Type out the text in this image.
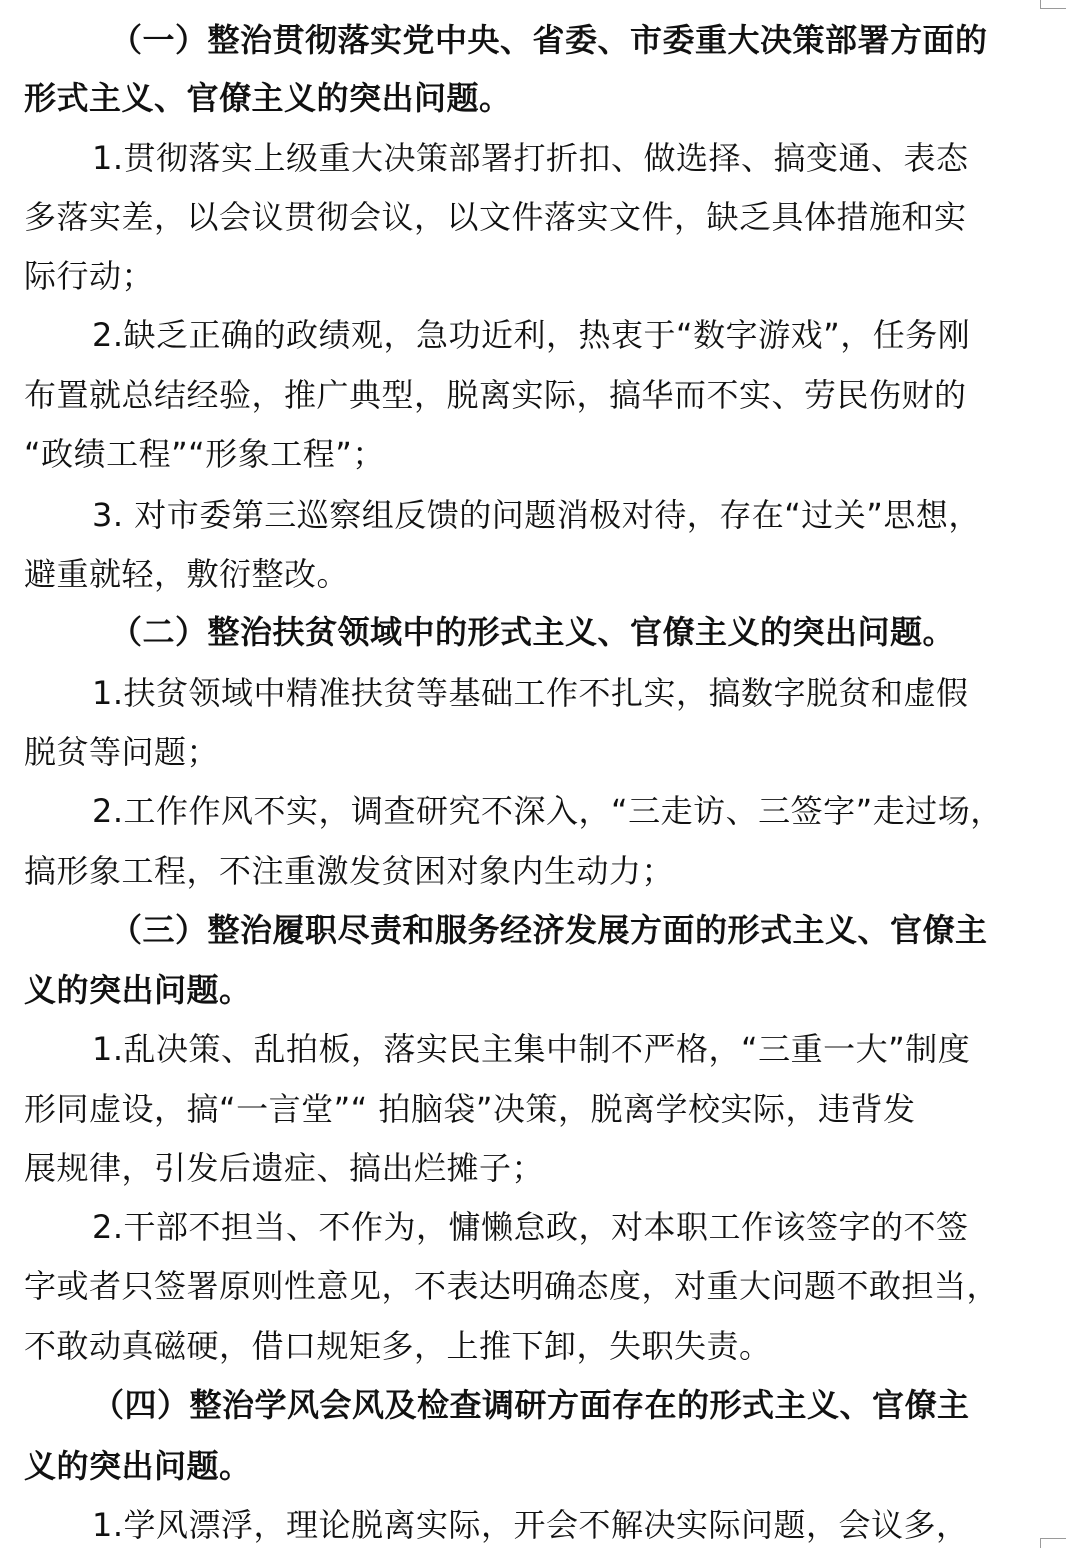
（一）整治贯彻落实党中央、省委、市委重大决策部署方面的
形式主义、官僚主义的突出问题。
1.贯彻落实上级重大决策部署打折扣、做选择、搞变通、表态
多落实差，以会议贯彻会议，以文件落实文件，缺乏具体措施和实
际行动；
2.缺乏正确的政绩观，急功近利，热衷于“数字游戏”，任务刚
布置就总结经验，推广典型，脱离实际，搞华而不实、劳民伤财的
“政绩工程”“形象工程”；
3. 对市委第三巡察组反馈的问题消极对待，存在“过关”思想，
避重就轻，敷衍整改。
（二）整治扶贫领域中的形式主义、官僚主义的突出问题。
1.扶贫领域中精准扶贫等基础工作不扎实，搞数字脱贫和虚假
脱贫等问题；
2.工作作风不实，调查研究不深入，“三走访、三签字”走过场，
搞形象工程，不注重激发贫困对象内生动力；
（三）整治履职尽责和服务经济发展方面的形式主义、官僚主
义的突出问题。
1.乱决策、乱拍板，落实民主集中制不严格，“三重一大”制度
形同虚设，搞“一言堂”“ 拍脑袋”决策，脱离学校实际，违背发
展规律，引发后遗症、搞出烂摊子；
2.干部不担当、不作为，慵懒怠政，对本职工作该签字的不签
字或者只签署原则性意见，不表达明确态度，对重大问题不敢担当，
不敢动真磁硬，借口规矩多，上推下卸，失职失责。
（四）整治学风会风及检查调研方面存在的形式主义、官僚主
义的突出问题。
1.学风漂浮，理论脱离实际，开会不解决实际问题，会议多，
